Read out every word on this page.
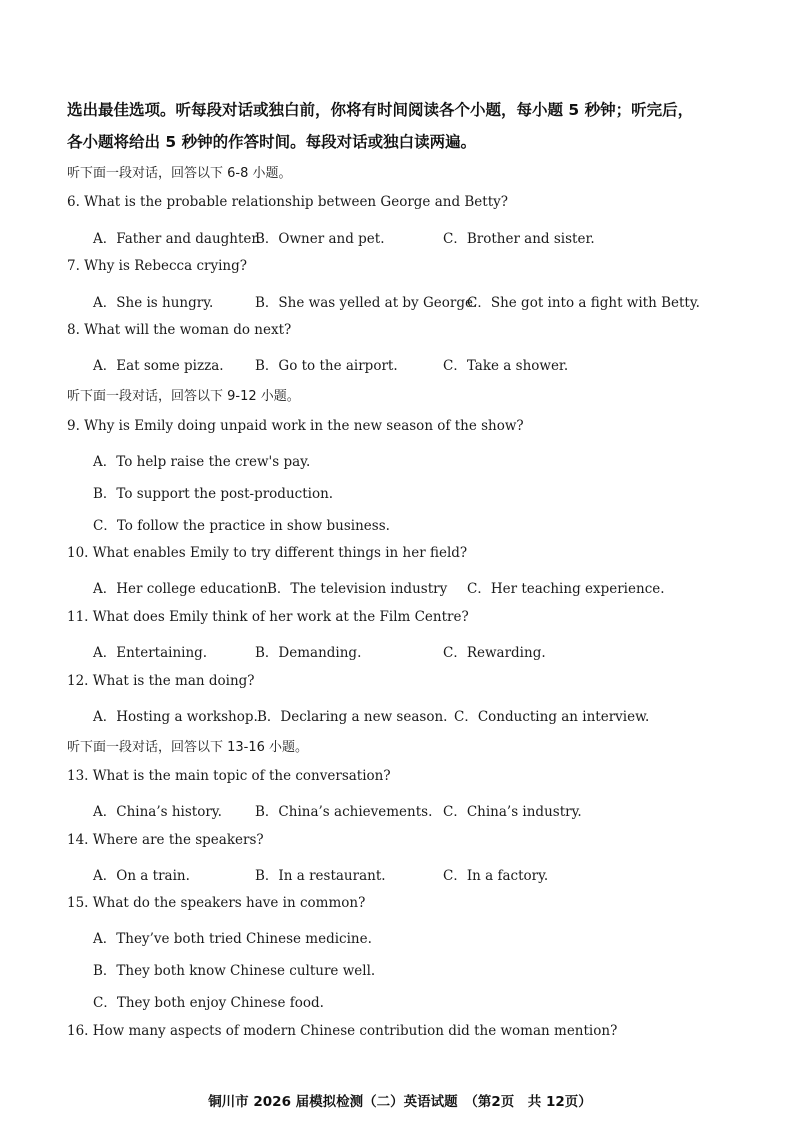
选出最佳选项。听每段对话或独白前，你将有时间阅读各个小题，每小题 5 秒钟；听完后，
各小题将给出 5 秒钟的作答时间。每段对话或独白读两遍。
听下面一段对话，回答以下 6-8 小题。
6. What is the probable relationship between George and Betty?
A．Father and daughter.
B．Owner and pet.	C．Brother and sister.
7. Why is Rebecca crying?
A．She is hungry.	B．She was yelled at by George.
C．She got into a fight with Betty.
8. What will the woman do next?
A．Eat some pizza. B．Go to the airport.	C．Take a shower.
听下面一段对话，回答以下 9-12 小题。
9. Why is Emily doing unpaid work in the new season of the show?
A．To help raise the crew's pay.
B．To support the post-production.
C．To follow the practice in show business.
10. What enables Emily to try different things in her field?
A．Her college education.
B．The television industry C．Her teaching experience.
11. What does Emily think of her work at the Film Centre?
A．Entertaining.	B．Demanding.	C．Rewarding.
12. What is the man doing?
A．Hosting a workshop. B．Declaring a new season. C．Conducting an interview.
听下面一段对话，回答以下 13-16 小题。
13. What is the main topic of the conversation?
A．China’s history. B．China’s achievements. C．China’s industry.
14. Where are the speakers?
A．On a train.	B．In a restaurant.	C．In a factory.
15. What do the speakers have in common?
A．They’ve both tried Chinese medicine.
B．They both know Chinese culture well.
C．They both enjoy Chinese food.
16. How many aspects of modern Chinese contribution did the woman mention?
铜川市 2026 届模拟检测（二）英语试题　（第2页　共 12页）
